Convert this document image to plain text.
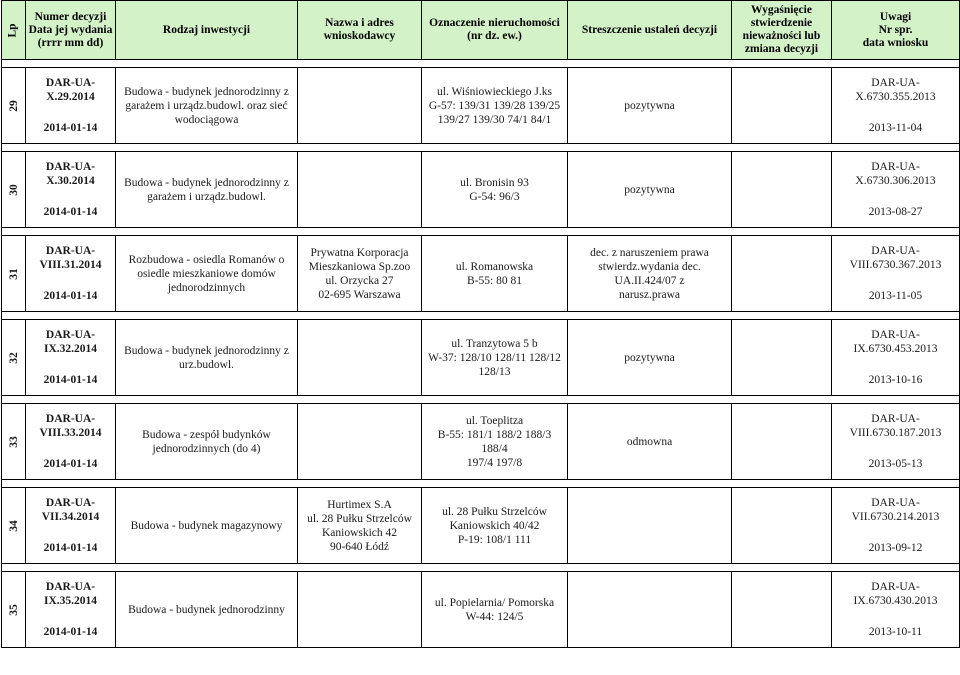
Lp	Numer decyzji
Data jej wydania
(rrrr mm dd)	Rodzaj inwestycji	Nazwa i adres wnioskodawcy	Oznaczenie nieruchomości
(nr dz. ew.)	Streszczenie ustaleń decyzji	Wygaśnięcie
stwierdzenie
nieważności lub
zmiana decyzji	Uwagi
Nr spr.
data wniosku

29	DAR-UA-
X.29.2014
2014-01-14	Budowa - budynek jednorodzinny z garażem i urządz.budowl. oraz sieć wodociągowa		ul. Wiśniowieckiego J.ks
G-57: 139/31 139/28 139/25
139/27 139/30 74/1 84/1	pozytywna		DAR-UA-
X.6730.355.2013
2013-11-04

30	DAR-UA-
X.30.2014
2014-01-14	Budowa - budynek jednorodzinny z garażem i urządz.budowl.		ul. Bronisin 93
G-54: 96/3	pozytywna		DAR-UA-
X.6730.306.2013
2013-08-27

31	DAR-UA-
VIII.31.2014
2014-01-14	Rozbudowa - osiedla Romanów o osiedle mieszkaniowe domów jednorodzinnych	Prywatna Korporacja
Mieszkaniowa Sp.zoo
ul. Orzycka 27
02-695 Warszawa	ul. Romanowska
B-55: 80 81	dec. z naruszeniem prawa
stwierdz.wydania dec.
UA.II.424/07 z
narusz.prawa		DAR-UA-
VIII.6730.367.2013
2013-11-05

32	DAR-UA-
IX.32.2014
2014-01-14	Budowa - budynek jednorodzinny z urz.budowl.		ul. Tranzytowa 5 b
W-37: 128/10 128/11 128/12
128/13	pozytywna		DAR-UA-
IX.6730.453.2013
2013-10-16

33	DAR-UA-
VIII.33.2014
2014-01-14	Budowa - zespół budynków jednorodzinnych (do 4)		ul. Toeplitza
B-55: 181/1 188/2 188/3 188/4
197/4 197/8	odmowna		DAR-UA-
VIII.6730.187.2013
2013-05-13

34	DAR-UA-
VII.34.2014
2014-01-14	Budowa - budynek magazynowy	Hurtimex S.A
ul. 28 Pułku Strzelców
Kaniowskich 42
90-640 Łódź	ul. 28 Pułku Strzelców
Kaniowskich 40/42
P-19: 108/1 111			DAR-UA-
VII.6730.214.2013
2013-09-12

35	DAR-UA-
IX.35.2014
2014-01-14	Budowa - budynek jednorodzinny		ul. Popielarnia/ Pomorska
W-44: 124/5			DAR-UA-
IX.6730.430.2013
2013-10-11
